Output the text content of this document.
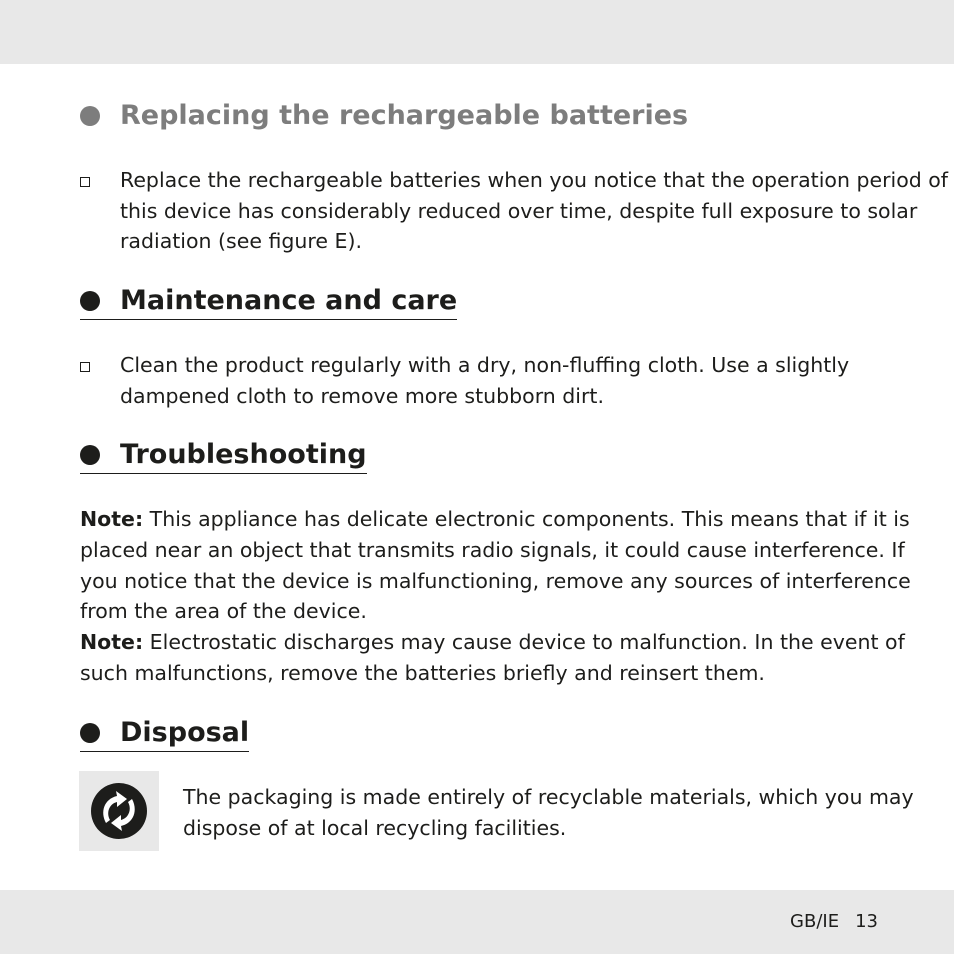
Replacing the rechargeable batteries
Replace the rechargeable batteries when you notice that the operation period of
this device has considerably reduced over time, despite full exposure to solar
radiation (see figure E).
Maintenance and care
Clean the product regularly with a dry, non-fluffing cloth. Use a slightly
dampened cloth to remove more stubborn dirt.
Troubleshooting
Note: This appliance has delicate electronic components. This means that if it is
placed near an object that transmits radio signals, it could cause interference. If
you notice that the device is malfunctioning, remove any sources of interference
from the area of the device.
Note: Electrostatic discharges may cause device to malfunction. In the event of
such malfunctions, remove the batteries briefly and reinsert them.
Disposal
The packaging is made entirely of recyclable materials, which you may
dispose of at local recycling facilities.
GB/IE 13
